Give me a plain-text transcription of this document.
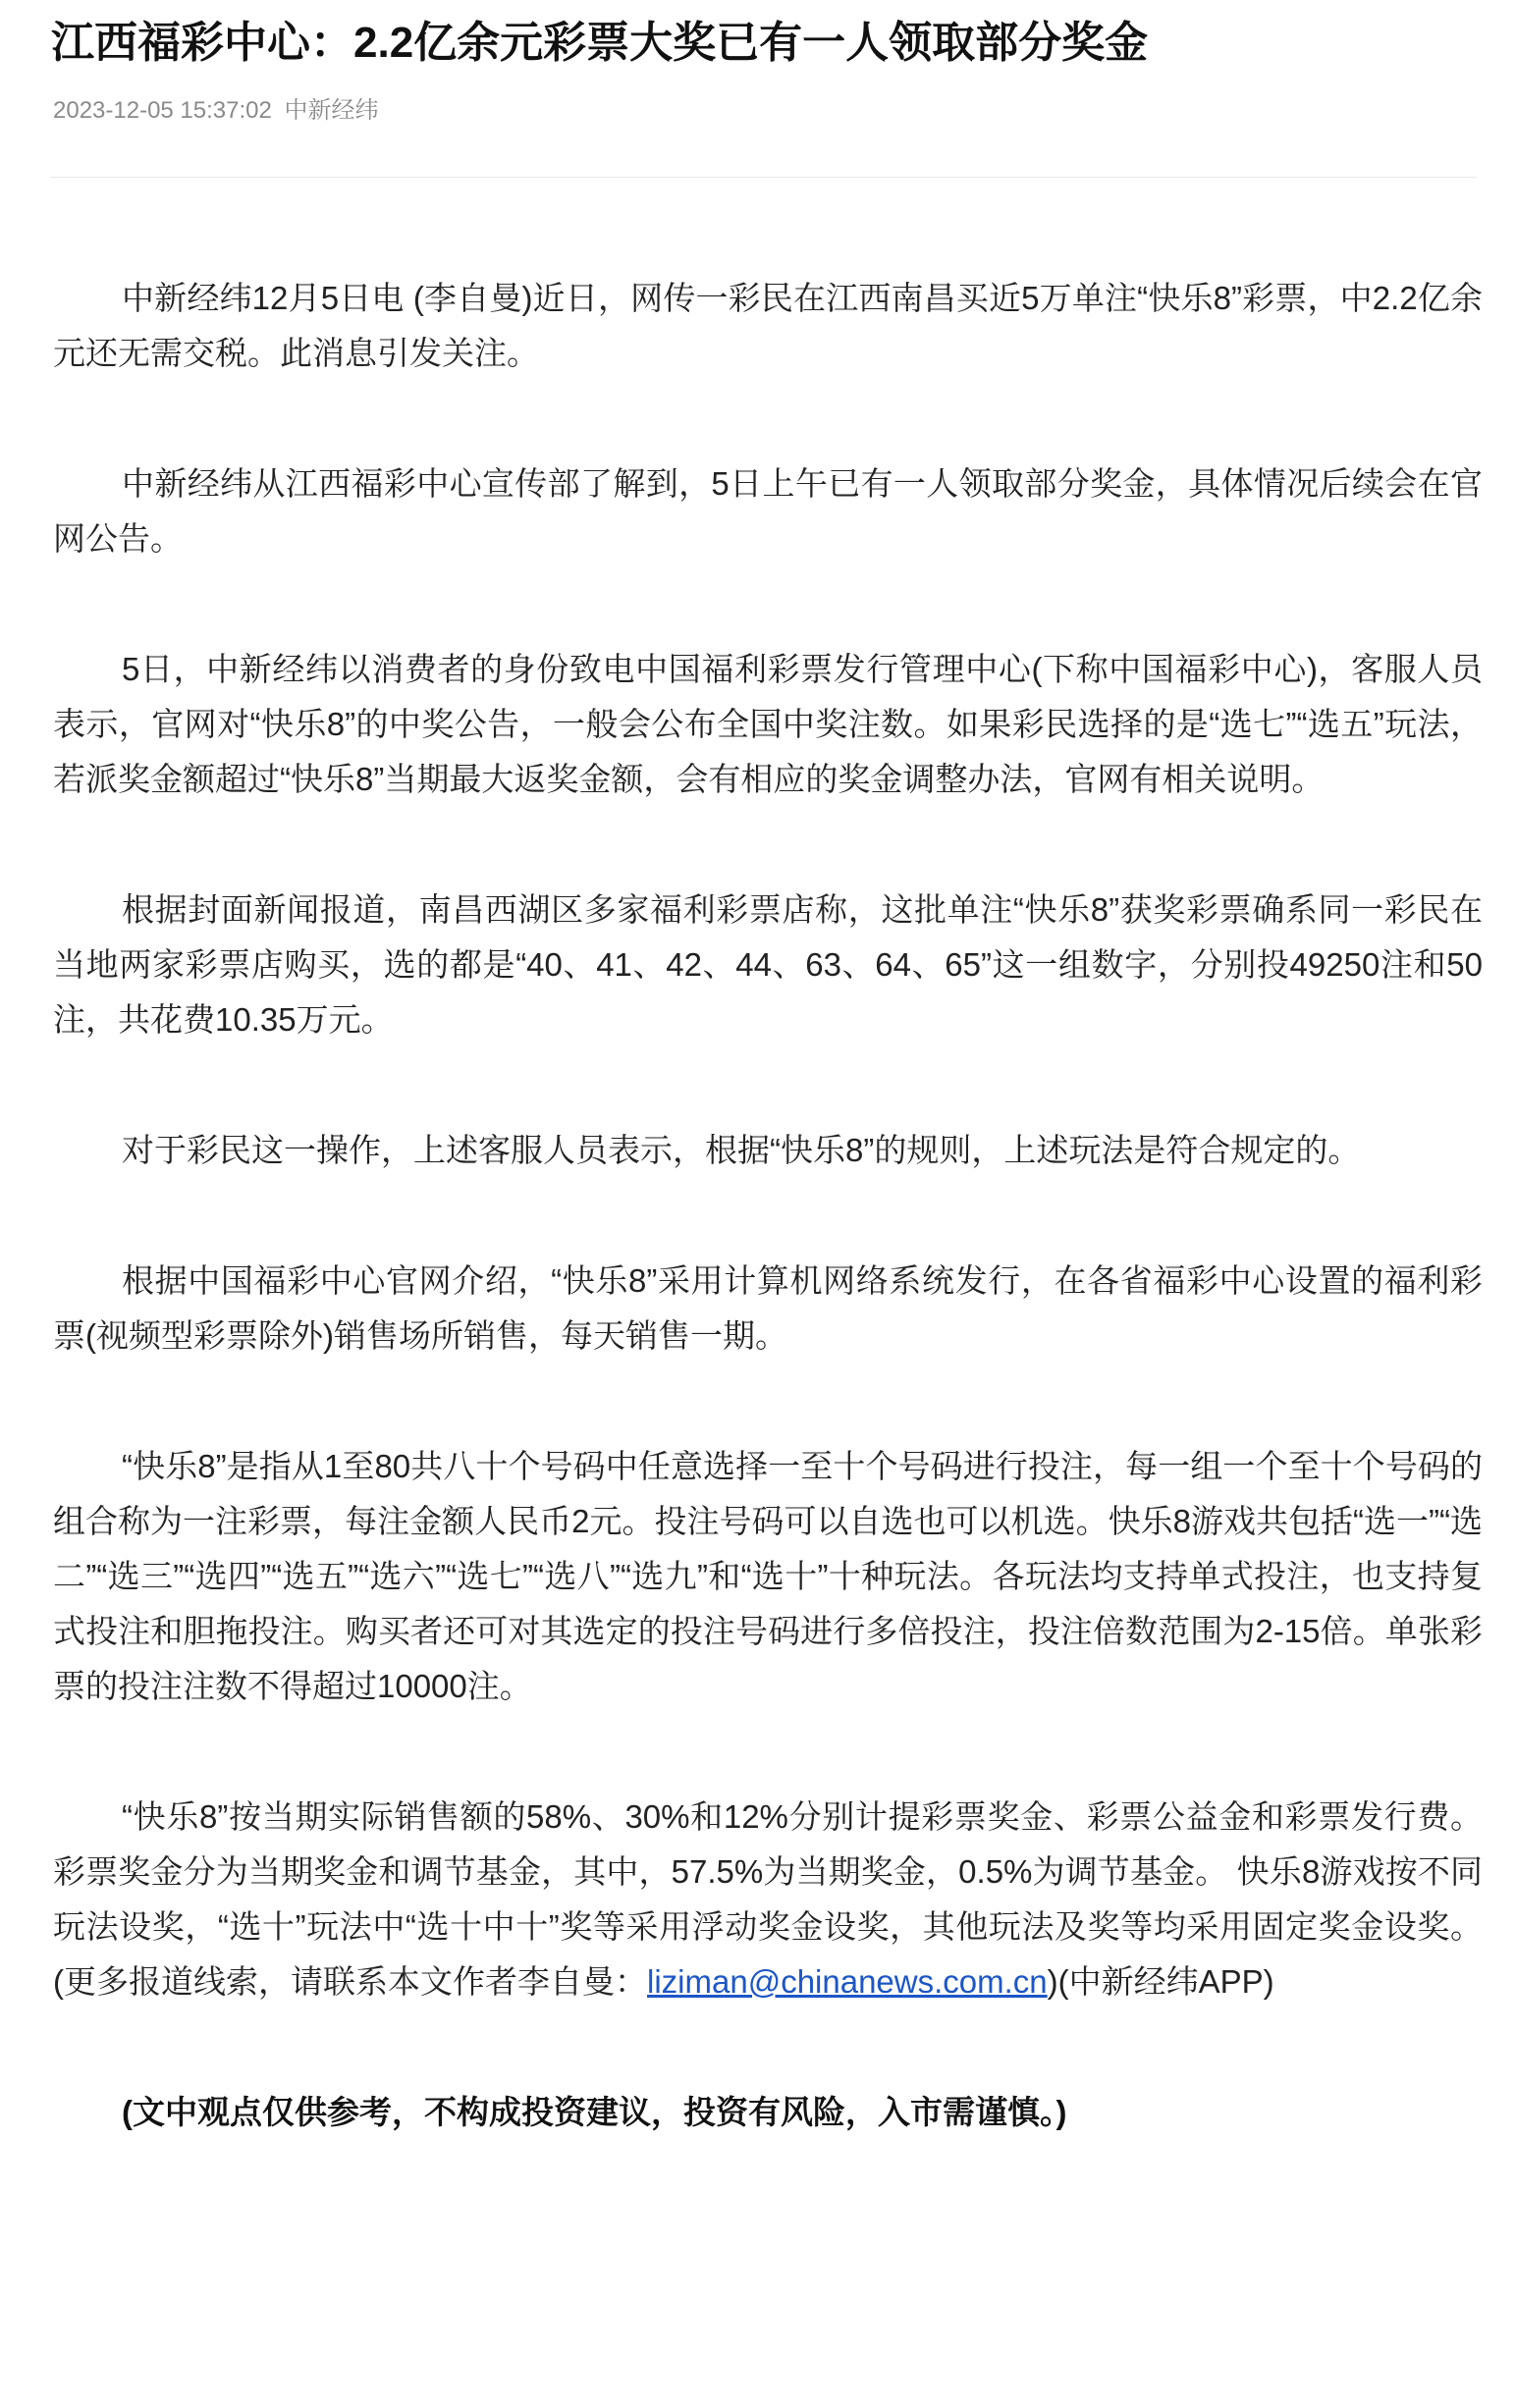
江西福彩中心：2.2亿余元彩票大奖已有一人领取部分奖金
2023-12-05 15:37:02 中新经纬

中新经纬12月5日电 (李自曼)近日，网传一彩民在江西南昌买近5万单注“快乐8”彩票，中2.2亿余元还无需交税。此消息引发关注。

中新经纬从江西福彩中心宣传部了解到，5日上午已有一人领取部分奖金，具体情况后续会在官网公告。

5日，中新经纬以消费者的身份致电中国福利彩票发行管理中心(下称中国福彩中心)，客服人员表示，官网对“快乐8”的中奖公告，一般会公布全国中奖注数。如果彩民选择的是“选七”“选五”玩法，若派奖金额超过“快乐8”当期最大返奖金额，会有相应的奖金调整办法，官网有相关说明。

根据封面新闻报道，南昌西湖区多家福利彩票店称，这批单注“快乐8”获奖彩票确系同一彩民在当地两家彩票店购买，选的都是“40、41、42、44、63、64、65”这一组数字，分别投49250注和50注，共花费10.35万元。

对于彩民这一操作，上述客服人员表示，根据“快乐8”的规则，上述玩法是符合规定的。

根据中国福彩中心官网介绍，“快乐8”采用计算机网络系统发行，在各省福彩中心设置的福利彩票(视频型彩票除外)销售场所销售，每天销售一期。

“快乐8”是指从1至80共八十个号码中任意选择一至十个号码进行投注，每一组一个至十个号码的组合称为一注彩票，每注金额人民币2元。投注号码可以自选也可以机选。快乐8游戏共包括“选一”“选二”“选三”“选四”“选五”“选六”“选七”“选八”“选九”和“选十”十种玩法。各玩法均支持单式投注，也支持复式投注和胆拖投注。购买者还可对其选定的投注号码进行多倍投注，投注倍数范围为2-15倍。单张彩票的投注注数不得超过10000注。

“快乐8”按当期实际销售额的58%、30%和12%分别计提彩票奖金、彩票公益金和彩票发行费。彩票奖金分为当期奖金和调节基金，其中，57.5%为当期奖金，0.5%为调节基金。 快乐8游戏按不同玩法设奖，“选十”玩法中“选十中十”奖等采用浮动奖金设奖，其他玩法及奖等均采用固定奖金设奖。(更多报道线索，请联系本文作者李自曼：liziman@chinanews.com.cn)(中新经纬APP)

(文中观点仅供参考，不构成投资建议，投资有风险，入市需谨慎。)
